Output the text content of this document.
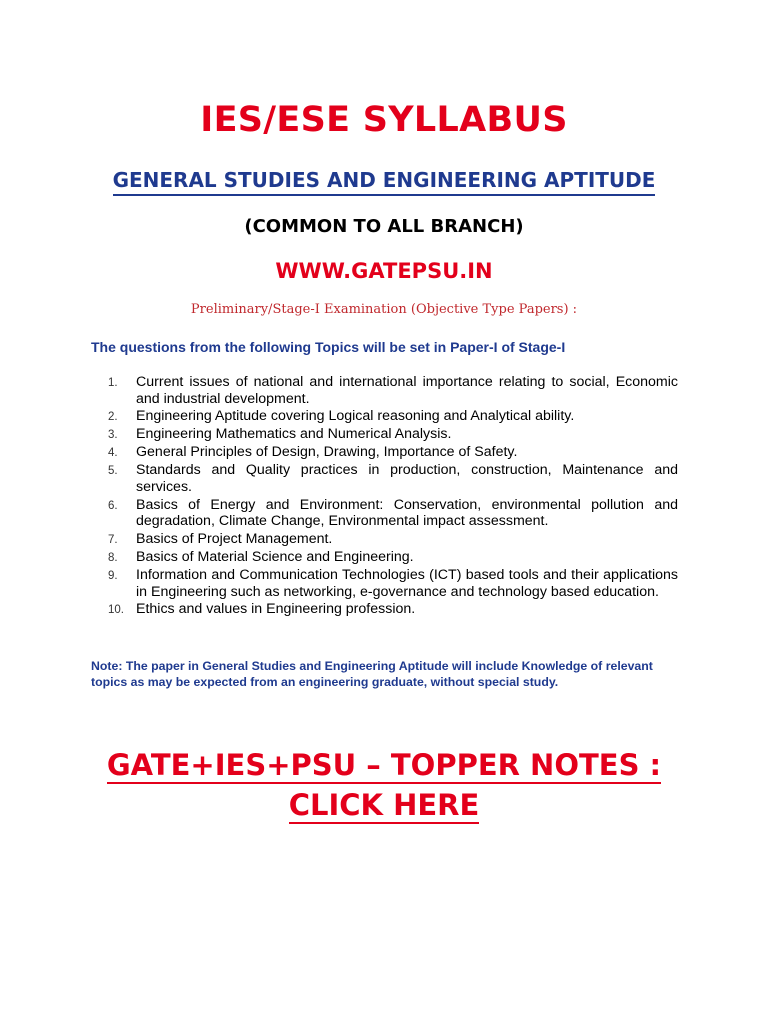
IES/ESE SYLLABUS
GENERAL STUDIES AND ENGINEERING APTITUDE
(COMMON TO ALL BRANCH)
WWW.GATEPSU.IN
Preliminary/Stage-I Examination (Objective Type Papers) :
The questions from the following Topics will be set in Paper-I of Stage-I
1. Current issues of national and international importance relating to social, Economic and industrial development.
2. Engineering Aptitude covering Logical reasoning and Analytical ability.
3. Engineering Mathematics and Numerical Analysis.
4. General Principles of Design, Drawing, Importance of Safety.
5. Standards and Quality practices in production, construction, Maintenance and services.
6. Basics of Energy and Environment: Conservation, environmental pollution and degradation, Climate Change, Environmental impact assessment.
7. Basics of Project Management.
8. Basics of Material Science and Engineering.
9. Information and Communication Technologies (ICT) based tools and their applications in Engineering such as networking, e-governance and technology based education.
10. Ethics and values in Engineering profession.
Note: The paper in General Studies and Engineering Aptitude will include Knowledge of relevant topics as may be expected from an engineering graduate, without special study.
GATE+IES+PSU – TOPPER NOTES :
CLICK HERE
